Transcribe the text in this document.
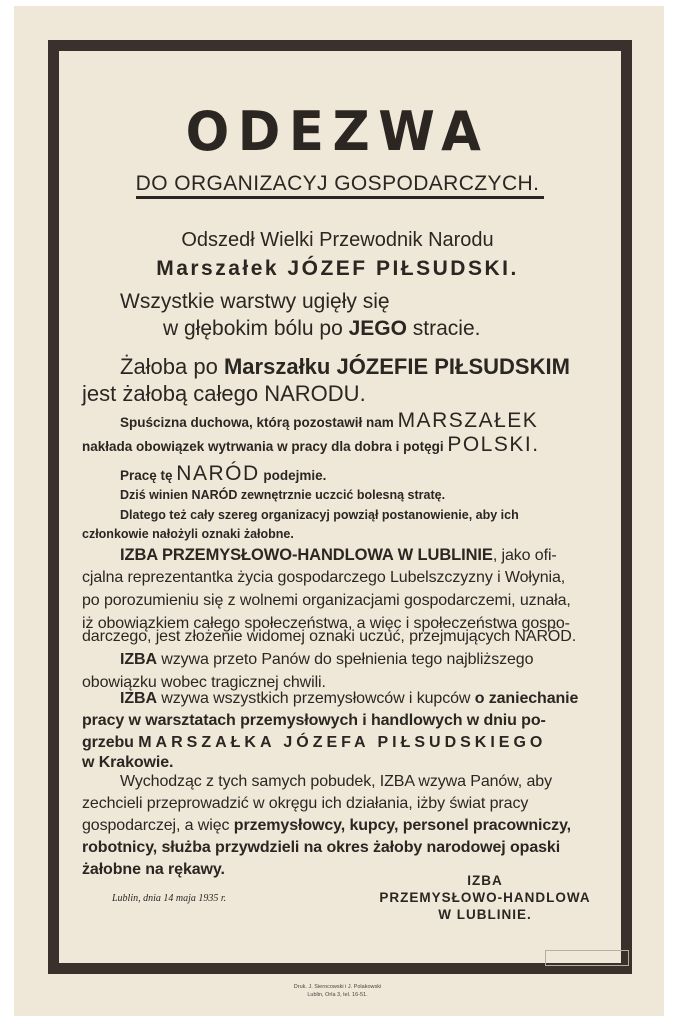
ODEZWA
DO ORGANIZACYJ GOSPODARCZYCH.
Odszedł Wielki Przewodnik Narodu
Marszałek JÓZEF PIŁSUDSKI.
Wszystkie warstwy ugięły się
w głębokim bólu po JEGO stracie.
Żałoba po Marszałku JÓZEFIE PIŁSUDSKIM
jest żałobą całego NARODU.
Spuścizna duchowa, którą pozostawił nam MARSZAŁEK
nakłada obowiązek wytrwania w pracy dla dobra i potęgi POLSKI.
Pracę tę NARÓD podejmie.
Dziś winien NARÓD zewnętrznie uczcić bolesną stratę.
Dlatego też cały szereg organizacyj powziął postanowienie, aby ich
członkowie nałożyli oznaki żałobne.
IZBA PRZEMYSŁOWO-HANDLOWA W LUBLINIE, jako ofi-
cjalna reprezentantka życia gospodarczego Lubelszczyzny i Wołynia,
po porozumieniu się z wolnemi organizacjami gospodarczemi, uznała,
iż obowiązkiem całego społeczeństwa, a więc i społeczeństwa gospo-
darczego, jest złożenie widomej oznaki uczuć, przejmujących NARÓD.
IZBA wzywa przeto Panów do spełnienia tego najbliższego
obowiązku wobec tragicznej chwili.
IZBA wzywa wszystkich przemysłowców i kupców o zaniechanie
pracy w warsztatach przemysłowych i handlowych w dniu po-
grzebu MARSZAŁKA JÓZEFA PIŁSUDSKIEGO
w Krakowie.
Wychodząc z tych samych pobudek, IZBA wzywa Panów, aby
zechcieli przeprowadzić w okręgu ich działania, iżby świat pracy
gospodarczej, a więc przemysłowcy, kupcy, personel pracowniczy,
robotnicy, służba przywdzieli na okres żałoby narodowej opaski
żałobne na rękawy.
Lublin, dnia 14 maja 1935 r.
IZBA
PRZEMYSŁOWO-HANDLOWA
W LUBLINIE.
Druk. J. Sierocowski i J. Polakowski
Lublin, Orla 3, tel. 16-51.
